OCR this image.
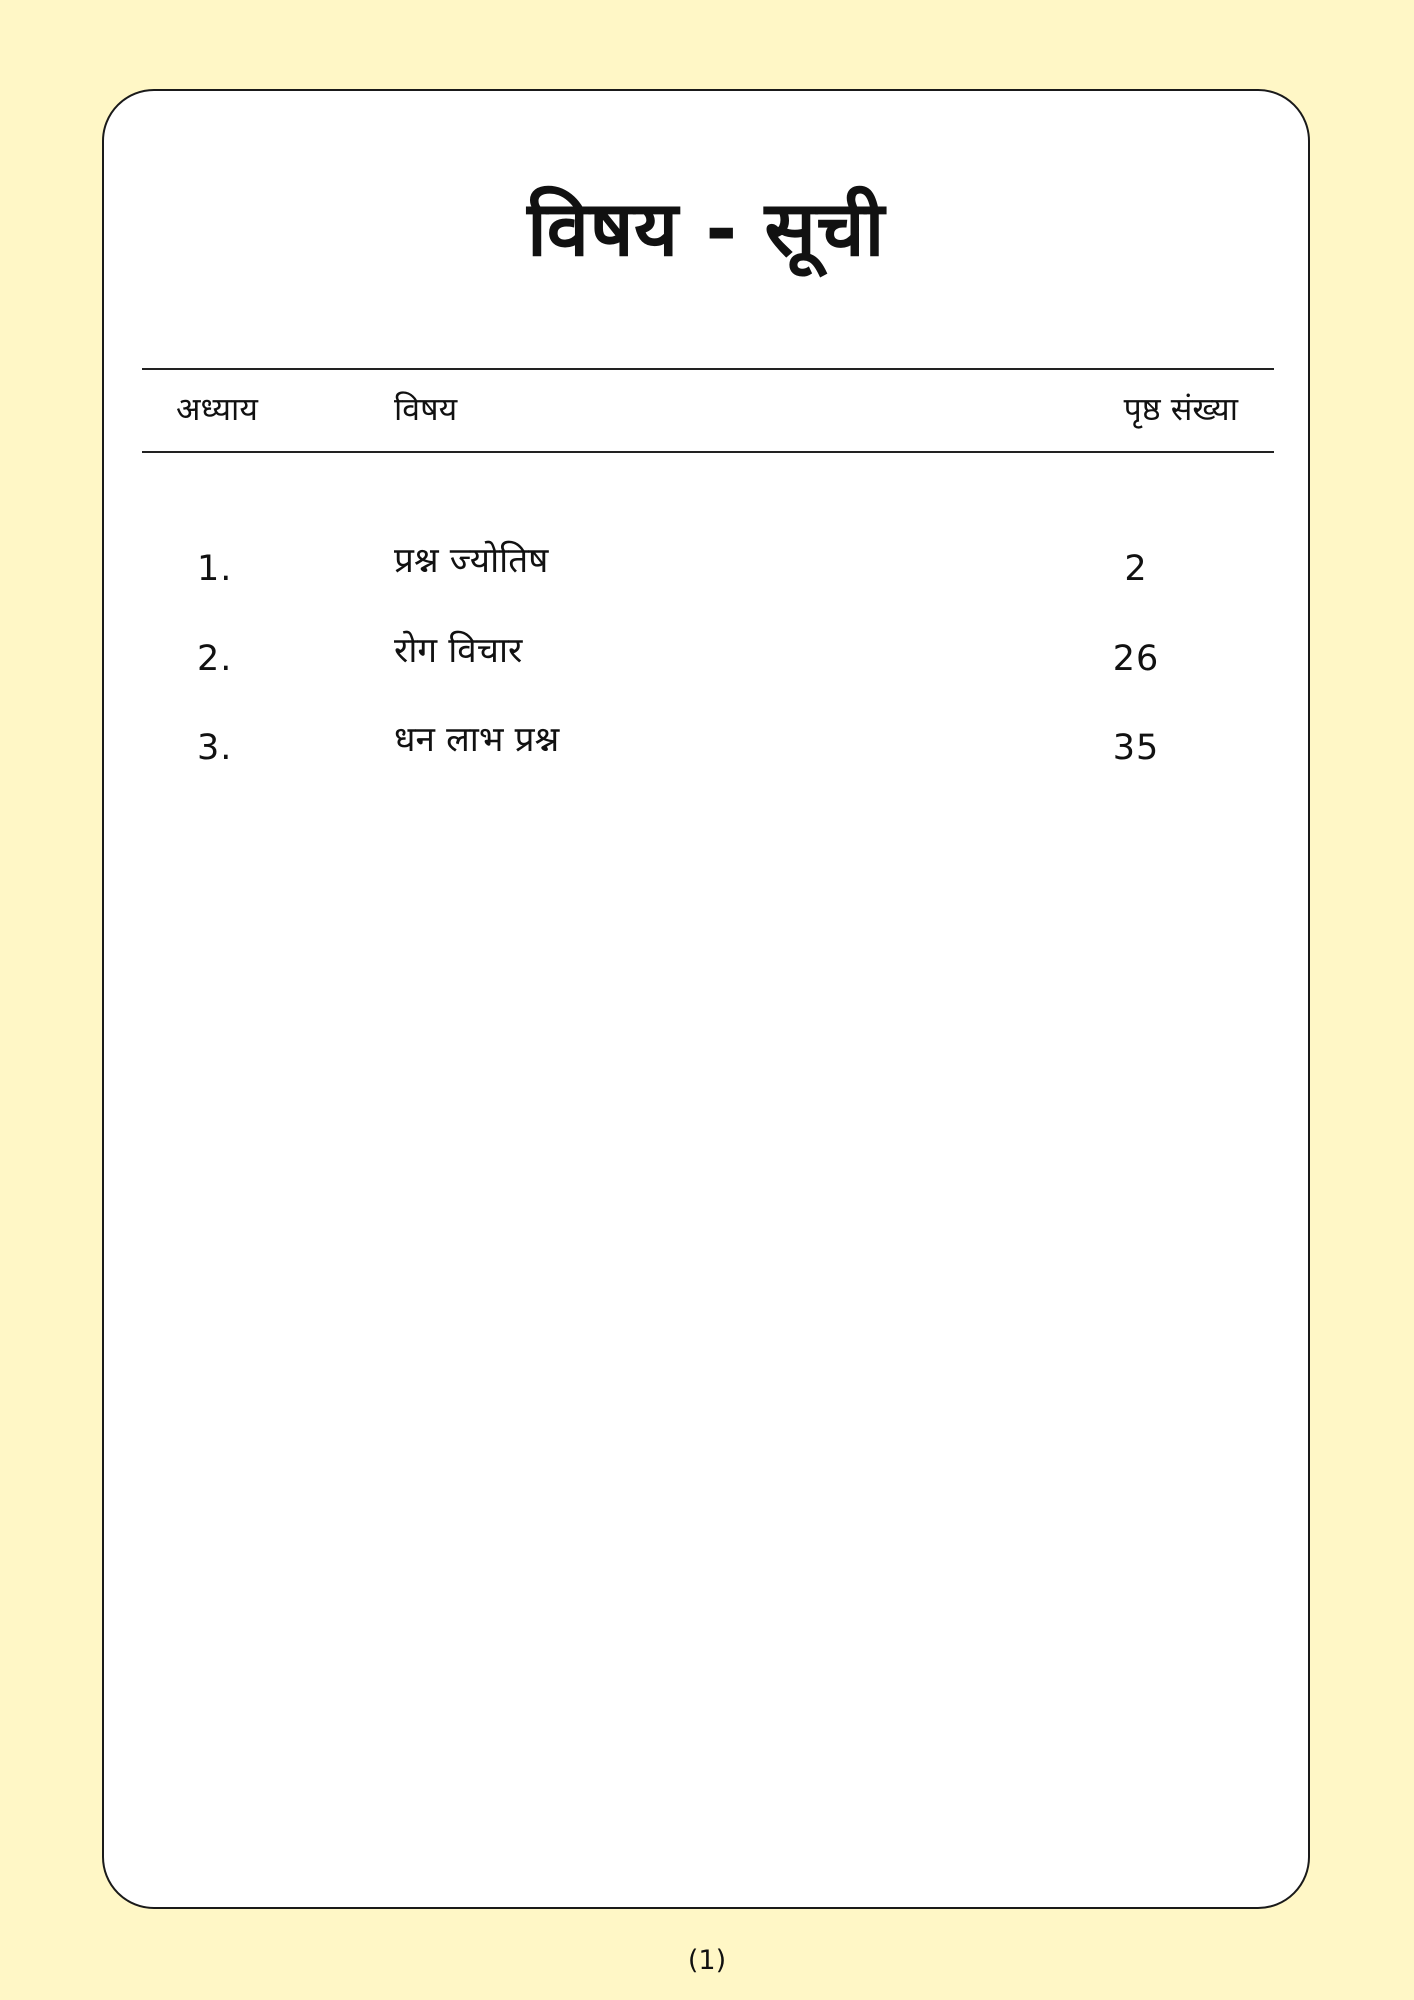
विषय - सूची
अध्याय	विषय	पृष्ठ संख्या
1.	प्रश्न ज्योतिष	2
2.	रोग विचार	26
3.	धन लाभ प्रश्न	35
(1)
